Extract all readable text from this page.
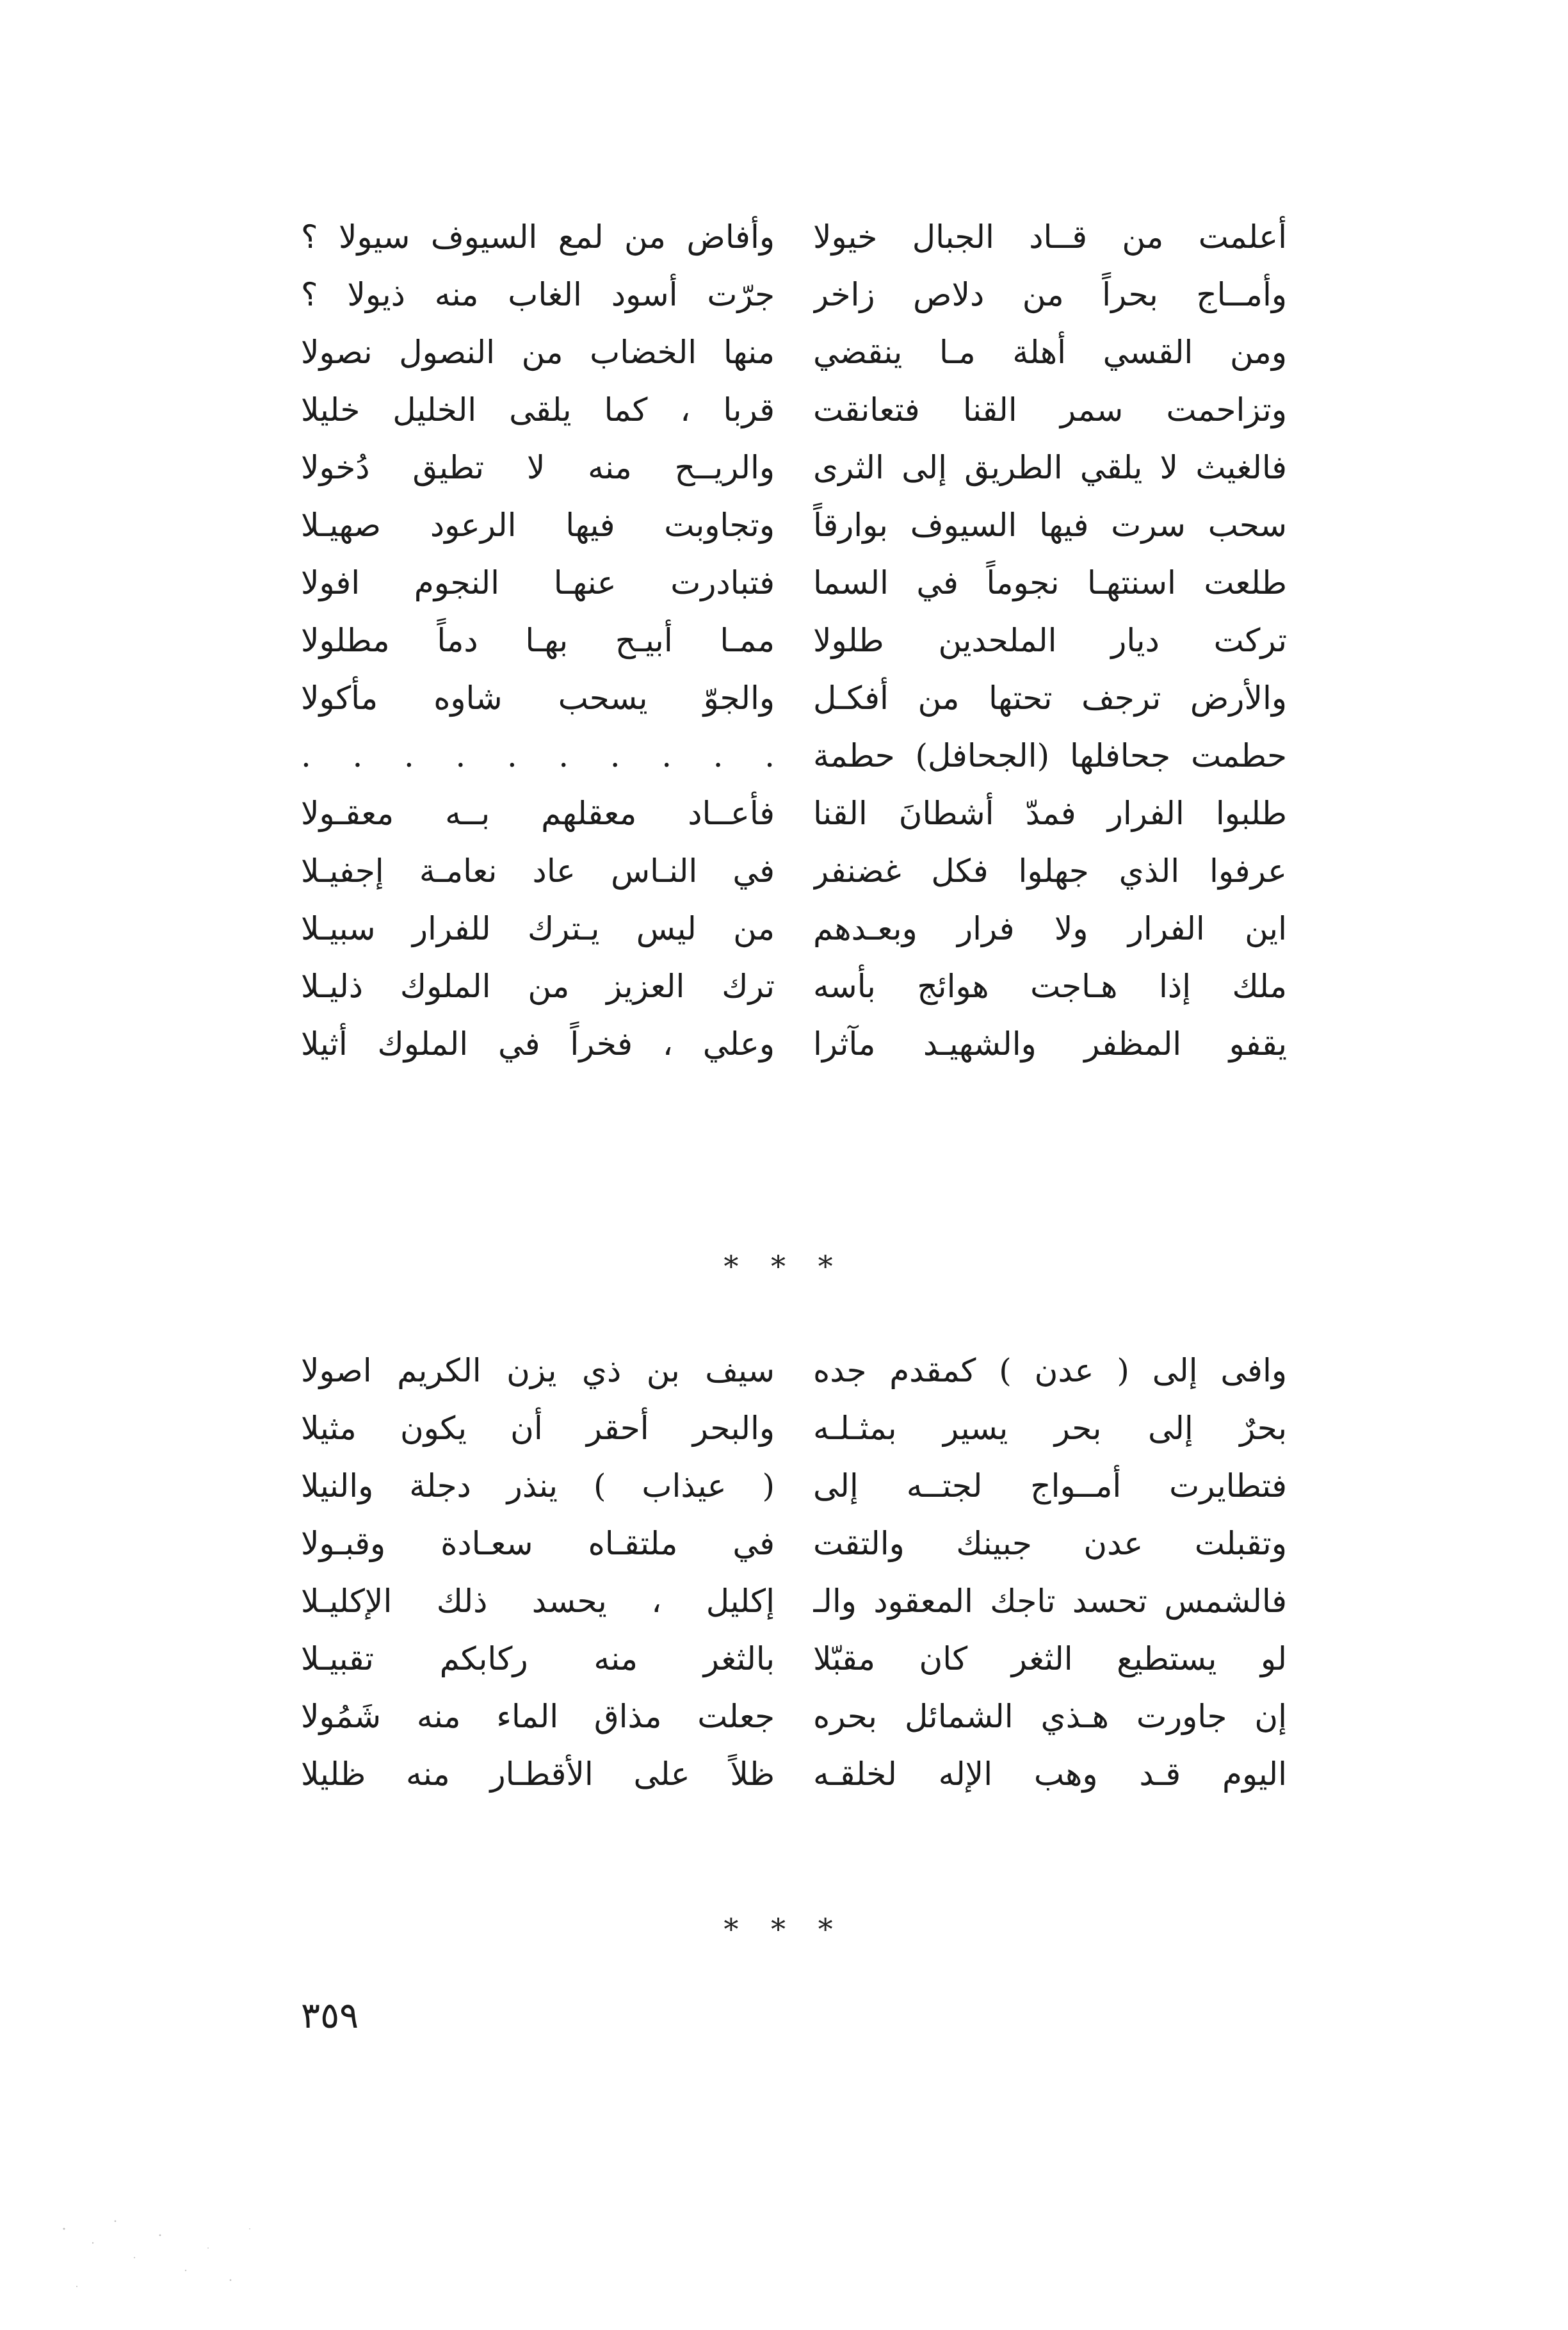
أعلمت من قــاد الجبال خيولا
وأفاض من لمع السيوف سيولا ؟
وأمــاج بحراً من دلاص زاخر
جرّت أسود الغاب منه ذيولا ؟
ومن القسي أهلة مـا ينقضي
منها الخضاب من النصول نصولا
وتزاحمت سمر القنا فتعانقت
قربا ، كما يلقى الخليل خليلا
فالغيث لا يلقي الطريق إلى الثرى
والريــح منه لا تطيق دُخولا
سحب سرت فيها السيوف بوارقاً
وتجاوبت فيها الرعود صهيـلا
طلعت اسنتهـا نجوماً في السما
فتبادرت عنهـا النجوم افولا
تركت ديار الملحدين طلولا
ممـا أبيـح بهـا دماً مطلولا
والأرض ترجف تحتها من أفكـل
والجوّ يسحب شاوه مأكولا
حطمت جحافلها (الجحافل) حطمة
. . . . . . . . . .
طلبوا الفرار فمدّ أشطانَ القنا
فأعــاد معقلهم بــه معقـولا
عرفوا الذي جهلوا فكل غضنفر
في النـاس عاد نعامـة إجفيـلا
اين الفرار ولا فرار وبعـدهم
من ليس يـترك للفرار سبيـلا
ملك إذا هـاجت هوائج بأسه
ترك العزيز من الملوك ذليـلا
يقفو المظفر والشهيـد مآثرا
وعلي ، فخراً في الملوك أثيلا
* * *
وافى إلى ( عدن ) كمقدم جده
سيف بن ذي يزن الكريم اصولا
بحرٌ إلى بحر يسير بمثـلـه
والبحر أحقر أن يكون مثيلا
فتطايرت أمــواج لجتــه إلى
( عيذاب ) ينذر دجلة والنيلا
وتقبلت عدن جبينك والتقت
في ملتقـاه سعـادة وقبـولا
فالشمس تحسد تاجك المعقود والـ
إكليل ، يحسد ذلك الإكليـلا
لو يستطيع الثغر كان مقبّلا
بالثغر منه ركابكم تقبيـلا
إن جاورت هـذي الشمائل بحره
جعلت مذاق الماء منه شَمُولا
اليوم قـد وهب الإله لخلقـه
ظلاً على الأقطـار منه ظليلا
* * *
٣٥٩
